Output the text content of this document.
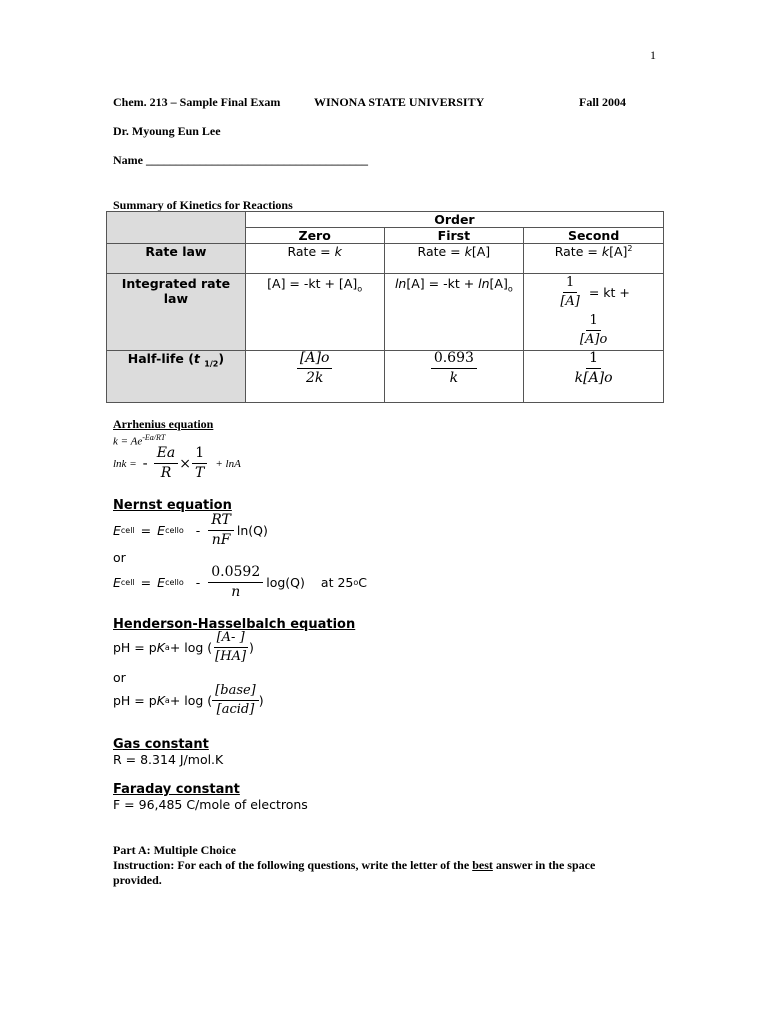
1
Chem. 213 – Sample Final Exam	WINONA STATE UNIVERSITY	Fall 2004
Dr. Myoung Eun Lee
Name _____________________________________
Summary of Kinetics for Reactions
	Order		
	Zero	First	Second
Rate law	Rate = k	Rate = k[A]	Rate = $k[A]^2$
Integrated rate law	$[A] = -kt + [A]_o$	$\ln[A] = -kt + \ln[A]_o$	$\frac{1}{[A]}$ = kt +
$\frac{1}{[A]o}$

Half-life (t $_{1/2}$)	$\frac{[A]o}{2k}$	$\frac{0.693}{k}$	$\frac{1}{k[A]o}$
Arrhenius equation
$k = Ae^{-Ea/RT}$
lnk = - $\frac{Ea}{R} \times \frac{1}{T} + \ln A$
Nernst equation
E cell = E cell o - $\frac{RT}{nF} \ln(Q)$
or
E cell = E cell o - $\frac{0.0592}{n} \log(Q)$ at 25 o C
Henderson-Hasselbalch equation
pH = p K a + log ( $\frac{[A- ]}{[HA]}$ )
or
pH = p K a + log ( $\frac{\text{[base]}}{\text{[acid]}}$ )
Gas constant
R = 8.314 J/mol.K
Faraday constant
F = 96,485 C/mole of electrons
Part A: Multiple Choice
Instruction: For each of the following questions, write the letter of the best answer in the space
provided.
